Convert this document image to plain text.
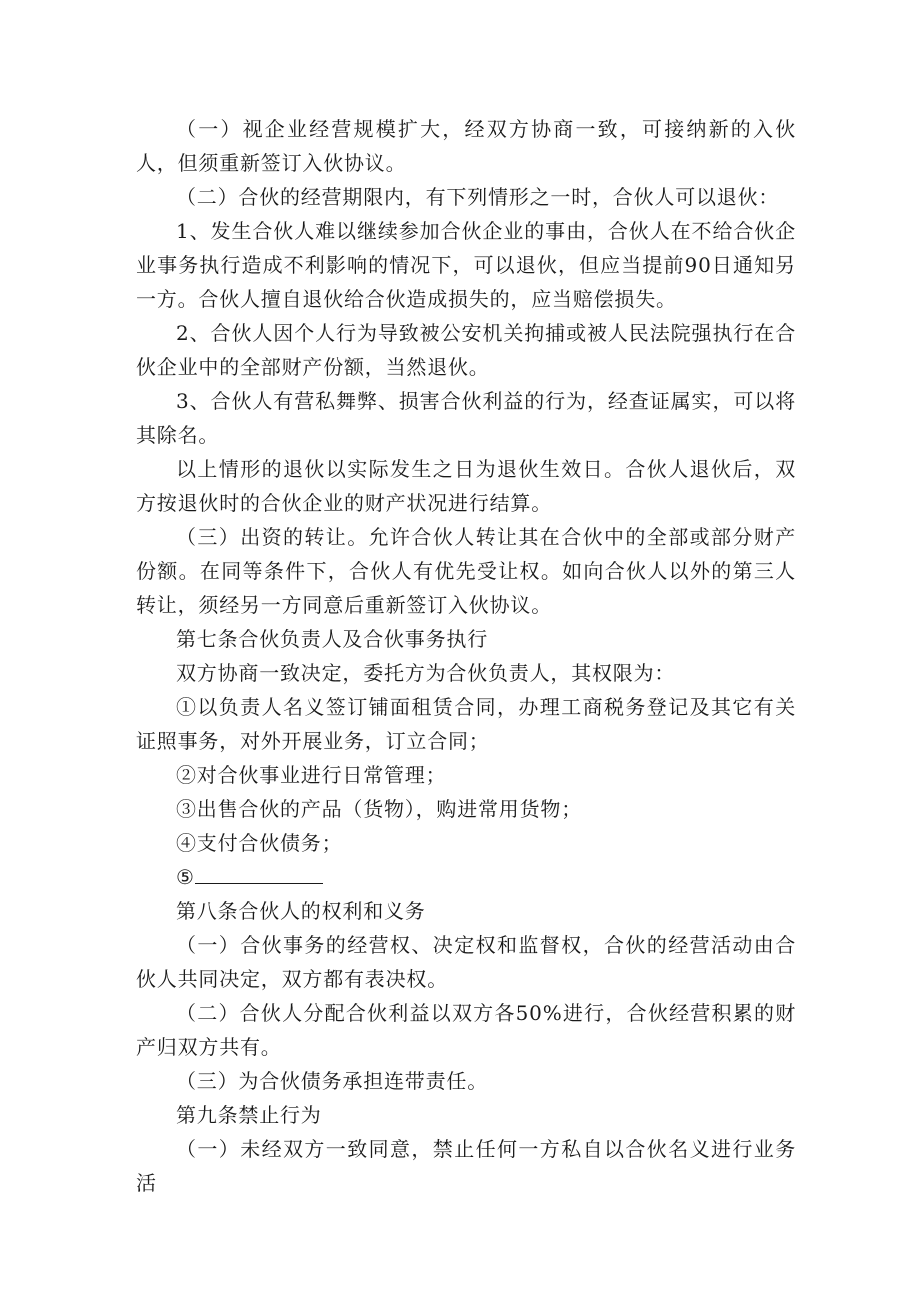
（一）视企业经营规模扩大，经双方协商一致，可接纳新的入伙人，但须重新签订入伙协议。

（二）合伙的经营期限内，有下列情形之一时，合伙人可以退伙：

1、发生合伙人难以继续参加合伙企业的事由，合伙人在不给合伙企业事务执行造成不利影响的情况下，可以退伙，但应当提前90日通知另一方。合伙人擅自退伙给合伙造成损失的，应当赔偿损失。

2、合伙人因个人行为导致被公安机关拘捕或被人民法院强执行在合伙企业中的全部财产份额，当然退伙。

3、合伙人有营私舞弊、损害合伙利益的行为，经查证属实，可以将其除名。

以上情形的退伙以实际发生之日为退伙生效日。合伙人退伙后，双方按退伙时的合伙企业的财产状况进行结算。

（三）出资的转让。允许合伙人转让其在合伙中的全部或部分财产份额。在同等条件下，合伙人有优先受让权。如向合伙人以外的第三人转让，须经另一方同意后重新签订入伙协议。

第七条合伙负责人及合伙事务执行

双方协商一致决定，委托方为合伙负责人，其权限为：

①以负责人名义签订铺面租赁合同，办理工商税务登记及其它有关证照事务，对外开展业务，订立合同；

②对合伙事业进行日常管理；

③出售合伙的产品（货物），购进常用货物；

④支付合伙债务；

⑤

第八条合伙人的权利和义务

（一）合伙事务的经营权、决定权和监督权，合伙的经营活动由合伙人共同决定，双方都有表决权。

（二）合伙人分配合伙利益以双方各50%进行，合伙经营积累的财产归双方共有。

（三）为合伙债务承担连带责任。

第九条禁止行为

（一）未经双方一致同意，禁止任何一方私自以合伙名义进行业务活
